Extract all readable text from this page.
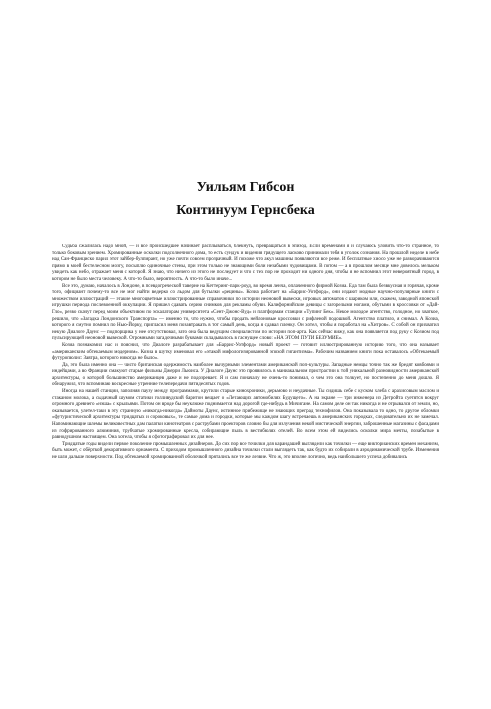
Уильям Гибсон
Континуум Гернсбека

Судьба сжалилась надо мной, — и все происшедшее начинает расплываться, блекнуть, превращаться в эпизод. Если временами я и случаюсь уловить что-то странное, то только боковым зрением. Хромированные осколки подсолнечного дома, то есть сундук и видения грядущего ласково принимали тебя в уголок сознания. На прошлой неделе в небе над Сан-Франциско парил этот зайбер-булпирант, но уже почти совсем прозрачный. И похоже что акул машины появляются все реже. И бесплатные хиосо уже не разворачиваются прямо в моей бестелесном мозгу, посыплю одиночные стены, при этом только не знающими боли незабыми чудовищами. В потом — а в прошлом месяце мне довелось мельком увидеть как небо, отражает меня с которой. Я знаю, что ничего из этого не последует и что с тех пор не проходит ни одного дня, чтобы я не вспомнил этот невероятный город, в котором не было места человеку. А что-то было, вероятность. А что-то было иначе...

Все это, думаю, началось в Лондоне, в псевдогреческой таверне на Кеттеринг-парк-роуд, во время ленча, оплаченного фирмой Козиа. Еда там была безвкусная и горячая, кроме того, официант почему-то все не мог найти ведерко со льдом для бутылки «рецины». Козиа работает на «Баррис-Уотфорд», они издают модные научно-популярные книги с множеством иллюстраций — этакие многоцветные иллюстрированные справочники по истории неоновой вывески, игровых автоматов с шариком или, скажем, заводной японской игрушки периода послевоенной оккупации. Я пришел сдавать серию снимков для рекламы обуви. Калифорнийские девицы с загорелыми ногами, обутыми в кроссовки от «Дай-Гло», резво скачут перед моим объективом по эскалаторам университета «Сент-Джонс-Вуд» и платформам станции «Тупинг Бек». Некое молодое агентство, голодное, но хваткое, решило, что «Загадка Лондонского Транспорта» — именно то, что нужно, чтобы продать нейлоновые кроссовки с рифленой подошвой. Агентство платило, я снимал. А Козиа, которого я смутно помнил по Нью-Йорку, пригласил меня позавтракать в тот самый день, когда я сдавал пленку. Он хотел, чтобы я поработал на «Хитров». С собой он прихватил некую Диалоге Даунс — подпорщика у нее отсутствовал, зато она была ведущим специалистом по истории поп-арта. Как сейчас вижу, как она появляется под руку с Козиом под пульсирующей неоновой вывеской. Огромными загадочными буквами складывалось в гаснущее слово: «НА ЭТОМ ПУТИ БЕЗУМИЕ».

Козиа познакомил нас и пояснил, что Диалоге разрабатывает для «Баррис-Уотфорд» новый проект — готовит иллюстрированную историю того, что она называет «американским обтекаемым модерном». Козиа в шутку именовал его «этакой мифологизированной эпохой гигантизма». Рабочим названием книги пока оставалось «Обтекаемый футуропюлис: Завтра, которого никогда не было».

Да, это была именно она — чисто британская одержимость наиболее вычурными элементами американской поп-культуры. Западные немцы точно так же бредят ковбоями и индейцами, а во Франции смакуют старые фильмы Джерри Льюиса. У Диалоге Даунс это проявилось в маниакальном пристрастии к той уникальной разновидности американской архитектуры, о которой большинство американцев даже и не подозревает. Я и сам поначалу не очень-то понимал, о чем это она толкует, но постепенно до меня дошло. Я обнаружил, что вспоминаю воскресные утренние телепередачи пятидесятых годов.

Иногда на нашей станции, заполняя паузу между программами, крутили старые кинохроники, дерьмово и неудачные. Ты сидишь себе с куском хлеба с арахисовым маслом и стаканом молока, а сыдачный шумом статики голливудский баритон вещает о «Летающих автомобилях Будущего». А на экране — три инженера из Детройта суетятся вокруг огромного древнего «нэша» с крыльями. Потом он вроде бы неуклюже поднимается над дорогой где-нибудь в Мичигане. На самом деле он так никогда и не отрывался от земли, но, оказывается, улетел-таки в эту странную «никогда-никогда» Даймоты Даунс, истинное прибежище не знающих преград технофилов. Она показывала то одно, то другое обломки «футуристической архитектуры тридцатых и сороковых», те самые дома и городки, которые мы каждом шагу встречаешь в американских городках, следовательно их не замечал. Напоминающие шлемы великовестных дам палатки кинотеатров с раструбами проекторов словно бы для излучения некой мистической энергии, заброшенные магазины с фасадами из гофрированного алюминия, трубчатые хромированные кресла, собирающие пыль в вестибюлях отелей. Во всем этом ей виделись осколки мира мечты, позабытые в равнодушном настоящем. Она хотела, чтобы я сфотографировал их для нее.

Тридцатые годы видели первое поколение промышленных дизайнеров. До сих пор все точилки для карандашей выглядели как точилки — еще викторианских времен механизм, быть может, с обёрткой декоративного орнамента. С приходом промышленного дизайна точилки стали выглядеть так, как будто их собирали в аэродинамической трубе. Изменения не шли дальше поверхности. Под обтекаемой хромированной оболочкой прятались все те же лезвие. Что ж, это вполне логично, ведь наибольшего успеха добивались
